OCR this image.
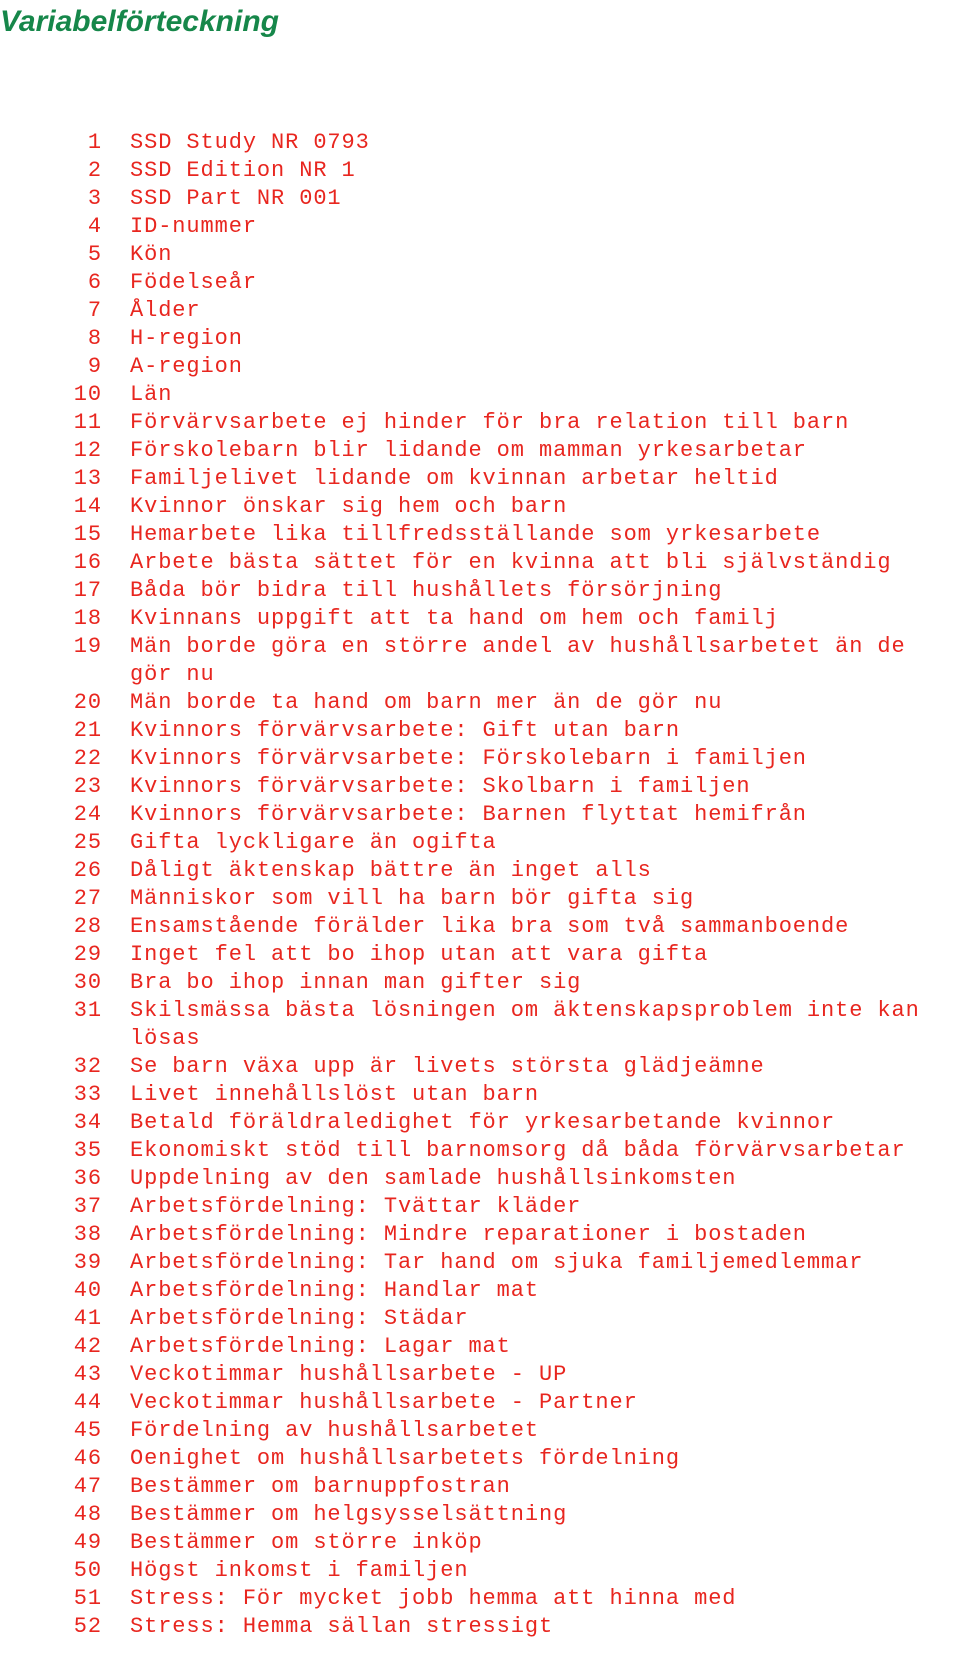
Variabelförteckning
1	SSD Study NR 0793
2	SSD Edition NR 1
3	SSD Part NR 001
4	ID-nummer
5	Kön
6	Födelseår
7	Ålder
8	H-region
9	A-region
10	Län
11	Förvärvsarbete ej hinder för bra relation till barn
12	Förskolebarn blir lidande om mamman yrkesarbetar
13	Familjelivet lidande om kvinnan arbetar heltid
14	Kvinnor önskar sig hem och barn
15	Hemarbete lika tillfredsställande som yrkesarbete
16	Arbete bästa sättet för en kvinna att bli självständig
17	Båda bör bidra till hushållets försörjning
18	Kvinnans uppgift att ta hand om hem och familj
19	Män borde göra en större andel av hushållsarbetet än de gör nu
20	Män borde ta hand om barn mer än de gör nu
21	Kvinnors förvärvsarbete: Gift utan barn
22	Kvinnors förvärvsarbete: Förskolebarn i familjen
23	Kvinnors förvärvsarbete: Skolbarn i familjen
24	Kvinnors förvärvsarbete: Barnen flyttat hemifrån
25	Gifta lyckligare än ogifta
26	Dåligt äktenskap bättre än inget alls
27	Människor som vill ha barn bör gifta sig
28	Ensamstående förälder lika bra som två sammanboende
29	Inget fel att bo ihop utan att vara gifta
30	Bra bo ihop innan man gifter sig
31	Skilsmässa bästa lösningen om äktenskapsproblem inte kan lösas
32	Se barn växa upp är livets största glädjeämne
33	Livet innehållslöst utan barn
34	Betald föräldraledighet för yrkesarbetande kvinnor
35	Ekonomiskt stöd till barnomsorg då båda förvärvsarbetar
36	Uppdelning av den samlade hushållsinkomsten
37	Arbetsfördelning: Tvättar kläder
38	Arbetsfördelning: Mindre reparationer i bostaden
39	Arbetsfördelning: Tar hand om sjuka familjemedlemmar
40	Arbetsfördelning: Handlar mat
41	Arbetsfördelning: Städar
42	Arbetsfördelning: Lagar mat
43	Veckotimmar hushållsarbete - UP
44	Veckotimmar hushållsarbete - Partner
45	Fördelning av hushållsarbetet
46	Oenighet om hushållsarbetets fördelning
47	Bestämmer om barnuppfostran
48	Bestämmer om helgsysselsättning
49	Bestämmer om större inköp
50	Högst inkomst i familjen
51	Stress: För mycket jobb hemma att hinna med
52	Stress: Hemma sällan stressigt
